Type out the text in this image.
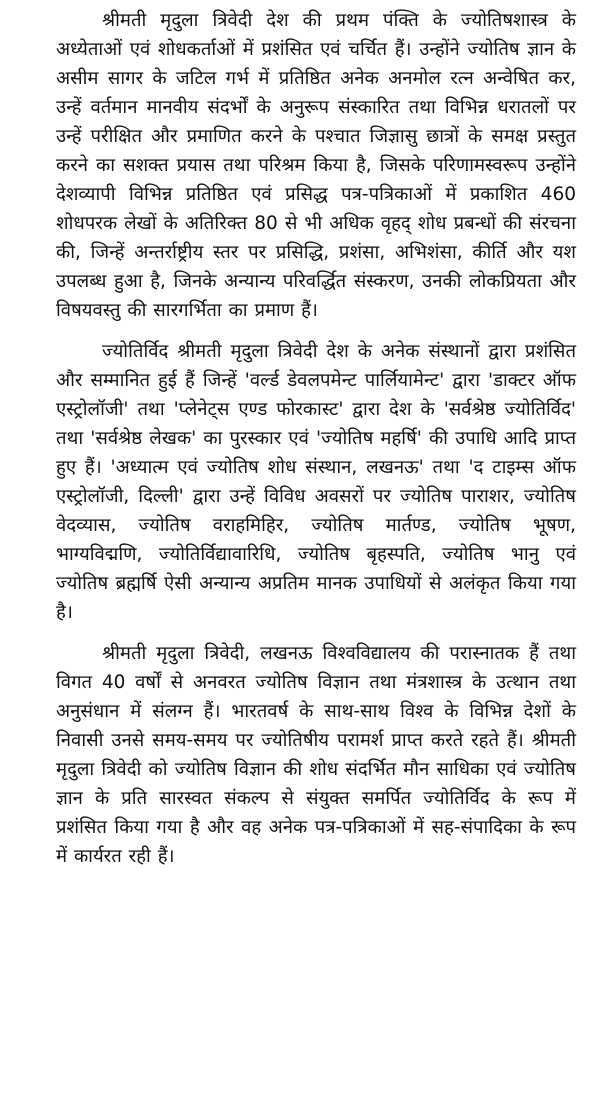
श्रीमती मृदुला त्रिवेदी देश की प्रथम पंक्ति के ज्योतिषशास्त्र के अध्येताओं एवं शोधकर्ताओं में प्रशंसित एवं चर्चित हैं। उन्होंने ज्योतिष ज्ञान के असीम सागर के जटिल गर्भ में प्रतिष्ठित अनेक अनमोल रत्न अन्वेषित कर, उन्हें वर्तमान मानवीय संदर्भों के अनुरूप संस्कारित तथा विभिन्न धरातलों पर उन्हें परीक्षित और प्रमाणित करने के पश्चात जिज्ञासु छात्रों के समक्ष प्रस्तुत करने का सशक्त प्रयास तथा परिश्रम किया है, जिसके परिणामस्वरूप उन्होंने देशव्यापी विभिन्न प्रतिष्ठित एवं प्रसिद्ध पत्र-पत्रिकाओं में प्रकाशित 460 शोधपरक लेखों के अतिरिक्त 80 से भी अधिक वृहद् शोध प्रबन्धों की संरचना की, जिन्हें अन्तर्राष्ट्रीय स्तर पर प्रसिद्धि, प्रशंसा, अभिशंसा, कीर्ति और यश उपलब्ध हुआ है, जिनके अन्यान्य परिवर्द्धित संस्करण, उनकी लोकप्रियता और विषयवस्तु की सारगर्भिता का प्रमाण हैं।

ज्योतिर्विद श्रीमती मृदुला त्रिवेदी देश के अनेक संस्थानों द्वारा प्रशंसित और सम्मानित हुई हैं जिन्हें 'वर्ल्ड डेवलपमेन्ट पार्लियामेन्ट' द्वारा 'डाक्टर ऑफ एस्ट्रोलॉजी' तथा 'प्लेनेट्स एण्ड फोरकास्ट' द्वारा देश के 'सर्वश्रेष्ठ ज्योतिर्विद' तथा 'सर्वश्रेष्ठ लेखक' का पुरस्कार एवं 'ज्योतिष महर्षि' की उपाधि आदि प्राप्त हुए हैं। 'अध्यात्म एवं ज्योतिष शोध संस्थान, लखनऊ' तथा 'द टाइम्स ऑफ एस्ट्रोलॉजी, दिल्ली' द्वारा उन्हें विविध अवसरों पर ज्योतिष पाराशर, ज्योतिष वेदव्यास, ज्योतिष वराहमिहिर, ज्योतिष मार्तण्ड, ज्योतिष भूषण, भाग्यविद्मणि, ज्योतिर्विद्यावारिधि, ज्योतिष बृहस्पति, ज्योतिष भानु एवं ज्योतिष ब्रह्मर्षि ऐसी अन्यान्य अप्रतिम मानक उपाधियों से अलंकृत किया गया है।

श्रीमती मृदुला त्रिवेदी, लखनऊ विश्वविद्यालय की परास्नातक हैं तथा विगत 40 वर्षों से अनवरत ज्योतिष विज्ञान तथा मंत्रशास्त्र के उत्थान तथा अनुसंधान में संलग्न हैं। भारतवर्ष के साथ-साथ विश्व के विभिन्न देशों के निवासी उनसे समय-समय पर ज्योतिषीय परामर्श प्राप्त करते रहते हैं। श्रीमती मृदुला त्रिवेदी को ज्योतिष विज्ञान की शोध संदर्भित मौन साधिका एवं ज्योतिष ज्ञान के प्रति सारस्वत संकल्प से संयुक्त समर्पित ज्योतिर्विद के रूप में प्रशंसित किया गया है और वह अनेक पत्र-पत्रिकाओं में सह-संपादिका के रूप में कार्यरत रही हैं।
